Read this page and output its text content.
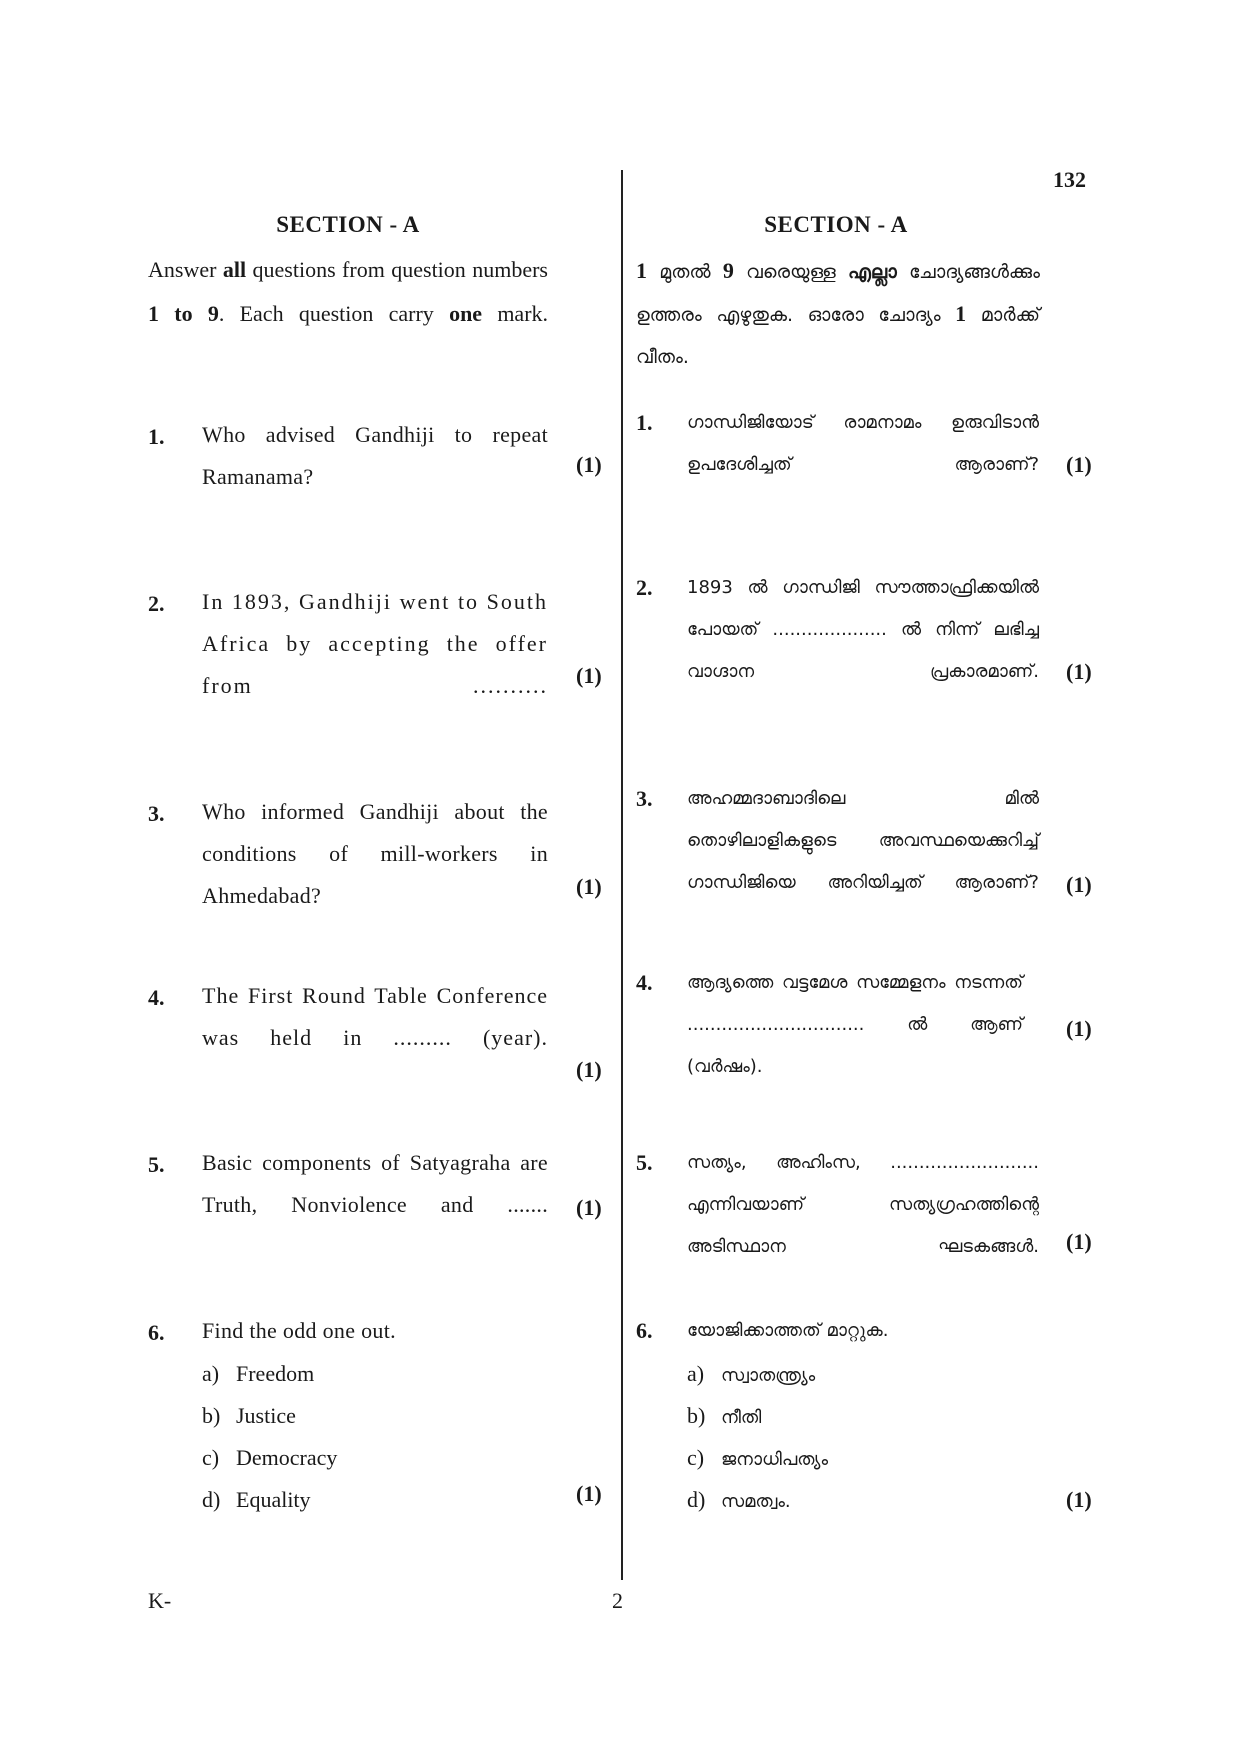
132
SECTION - A
Answer all questions from question numbers 1 to 9. Each question carry one mark.
1. Who advised Gandhiji to repeat Ramanama?	(1)
2. In 1893, Gandhiji went to South Africa by accepting the offer from .......... (1)
3. Who informed Gandhiji about the conditions of mill-workers in Ahmedabad?	(1)
4. The First Round Table Conference was held in ......... (year).
(1)
5. Basic components of Satyagraha are Truth, Nonviolence and ....... (1)
6. Find the odd one out.
a) Freedom
b) Justice
c) Democracy
d) Equality	(1)
SECTION - A
1 മുതൽ 9 വരെയുള്ള എല്ലാ ചോദ്യങ്ങൾക്കും ഉത്തരം എഴുതുക. ഓരോ ചോദ്യം 1 മാർക്ക് വീതം.
1. ഗാന്ധിജിയോട് രാമനാമം ഉരുവിടാൻ ഉപദേശിച്ചത് ആരാണ്? (1)
2. 1893 ൽ ഗാന്ധിജി സൗത്താഫ്രിക്കയിൽ പോയത് .................... ൽ നിന്ന് ലഭിച്ച വാഗ്ദാന പ്രകാരമാണ്. (1)
3. അഹമ്മദാബാദിലെ മിൽ തൊഴിലാളികളുടെ അവസ്ഥയെക്കുറിച്ച് ഗാന്ധിജിയെ അറിയിച്ചത് ആരാണ്? (1)
4. ആദ്യത്തെ വട്ടമേശ സമ്മേളനം നടന്നത് ............................... ൽ ആണ് (വർഷം).
(1)
5. സത്യം, അഹിംസ, .......................... എന്നിവയാണ് സത്യഗ്രഹത്തിന്റെ അടിസ്ഥാന ഘടകങ്ങൾ. (1)
6. യോജിക്കാത്തത് മാറ്റുക.
a) സ്വാതന്ത്ര്യം
b) നീതി
c) ജനാധിപത്യം
d) സമത്വം.	(1)
K-	2
